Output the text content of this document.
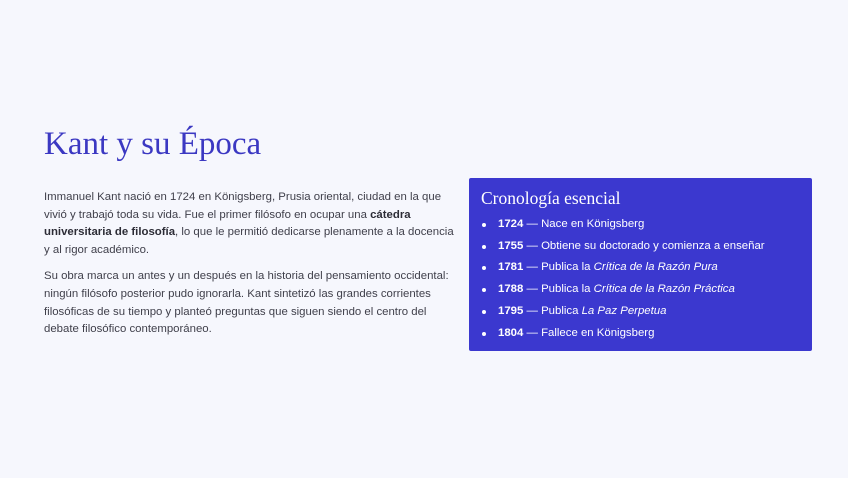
Kant y su Época

Immanuel Kant nació en 1724 en Königsberg, Prusia oriental, ciudad en la que vivió y trabajó toda su vida. Fue el primer filósofo en ocupar una cátedra universitaria de filosofía, lo que le permitió dedicarse plenamente a la docencia y al rigor académico.

Su obra marca un antes y un después en la historia del pensamiento occidental: ningún filósofo posterior pudo ignorarla. Kant sintetizó las grandes corrientes filosóficas de su tiempo y planteó preguntas que siguen siendo el centro del debate filosófico contemporáneo.

Cronología esencial
1724 — Nace en Königsberg
1755 — Obtiene su doctorado y comienza a enseñar
1781 — Publica la Crítica de la Razón Pura
1788 — Publica la Crítica de la Razón Práctica
1795 — Publica La Paz Perpetua
1804 — Fallece en Königsberg
